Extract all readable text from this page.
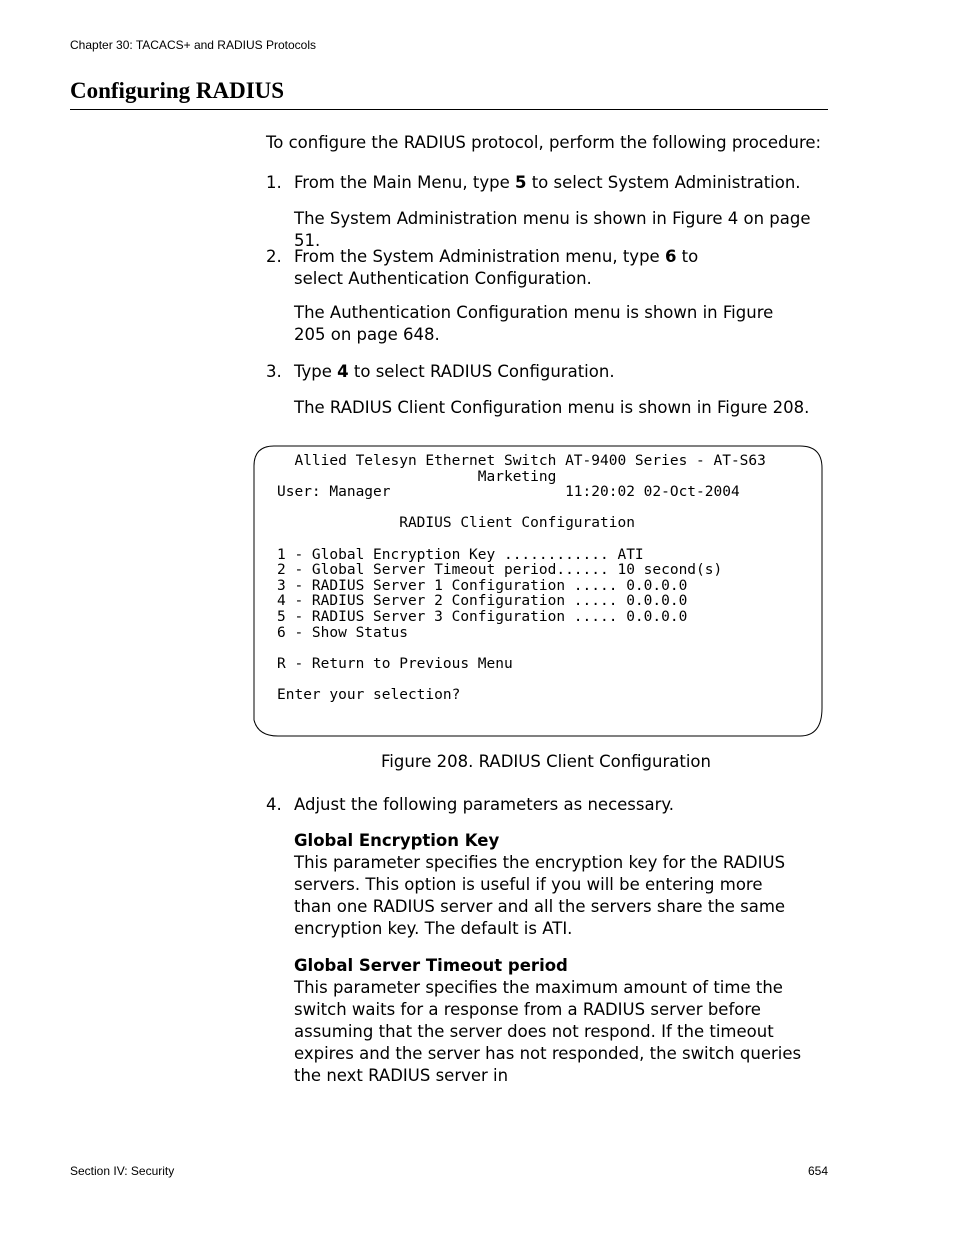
Chapter 30: TACACS+ and RADIUS Protocols
Configuring RADIUS
To configure the RADIUS protocol, perform the following procedure:
1. From the Main Menu, type 5 to select System Administration.
The System Administration menu is shown in Figure 4 on page 51.
2. From the System Administration menu, type 6 to select Authentication Configuration.
The Authentication Configuration menu is shown in Figure 205 on page 648.
3. Type 4 to select RADIUS Configuration.
The RADIUS Client Configuration menu is shown in Figure 208.
Allied Telesyn Ethernet Switch AT-9400 Series - AT-S63
Marketing
User: Manager                    11:20:02 02-Oct-2004
RADIUS Client Configuration
1 - Global Encryption Key ............ ATI
2 - Global Server Timeout period...... 10 second(s)
3 - RADIUS Server 1 Configuration ..... 0.0.0.0
4 - RADIUS Server 2 Configuration ..... 0.0.0.0
5 - RADIUS Server 3 Configuration ..... 0.0.0.0
6 - Show Status
R - Return to Previous Menu
Enter your selection?
Figure 208. RADIUS Client Configuration
4. Adjust the following parameters as necessary.
Global Encryption Key
This parameter specifies the encryption key for the RADIUS servers. This option is useful if you will be entering more than one RADIUS server and all the servers share the same encryption key. The default is ATI.
Global Server Timeout period
This parameter specifies the maximum amount of time the switch waits for a response from a RADIUS server before assuming that the server does not respond. If the timeout expires and the server has not responded, the switch queries the next RADIUS server in
Section IV: Security	654
